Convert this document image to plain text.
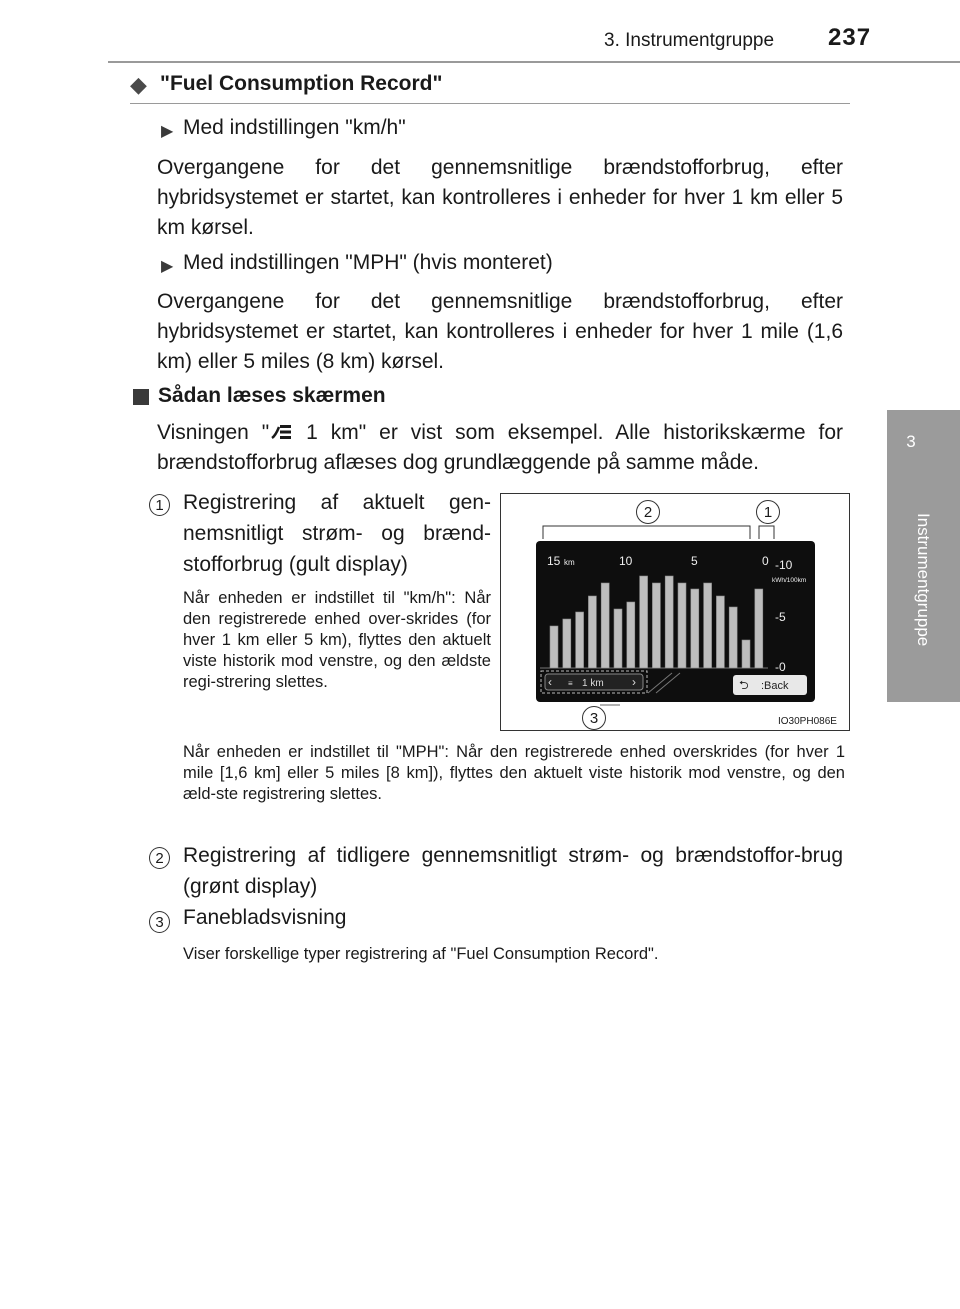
3. Instrumentgruppe 237
3
Instrumentgruppe
◆ "Fuel Consumption Record"
▶ Med indstillingen "km/h"
Overgangene for det gennemsnitlige brændstofforbrug, efter hybridsystemet er startet, kan kontrolleres i enheder for hver 1 km eller 5 km kørsel.
▶ Med indstillingen "MPH" (hvis monteret)
Overgangene for det gennemsnitlige brændstofforbrug, efter hybridsystemet er startet, kan kontrolleres i enheder for hver 1 mile (1,6 km) eller 5 miles (8 km) kørsel.
Sådan læses skærmen
Visningen " 1 km" er vist som eksempel. Alle historikskærme for brændstofforbrug aflæses dog grundlæggende på samme måde.
1 Registrering af aktuelt gen-nemsnitligt strøm- og brænd-stofforbrug (gult display)
Når enheden er indstillet til "km/h": Når den registrerede enhed over-skrides (for hver 1 km eller 5 km), flyttes den aktuelt viste historik mod venstre, og den ældste regi-strering slettes.
Når enheden er indstillet til "MPH": Når den registrerede enhed overskrides (for hver 1 mile [1,6 km] eller 5 miles [8 km]), flyttes den aktuelt viste historik mod venstre, og den æld-ste registrering slettes.
2 Registrering af tidligere gennemsnitligt strøm- og brændstoffor-brug (grønt display)
3 Fanebladsvisning
Viser forskellige typer registrering af "Fuel Consumption Record".
2	1
3
15 km	10	5	0 -10
kWh/100km
-5
-0
‹	›
≡ 1 km	⮌ :Back
IO30PH086E
